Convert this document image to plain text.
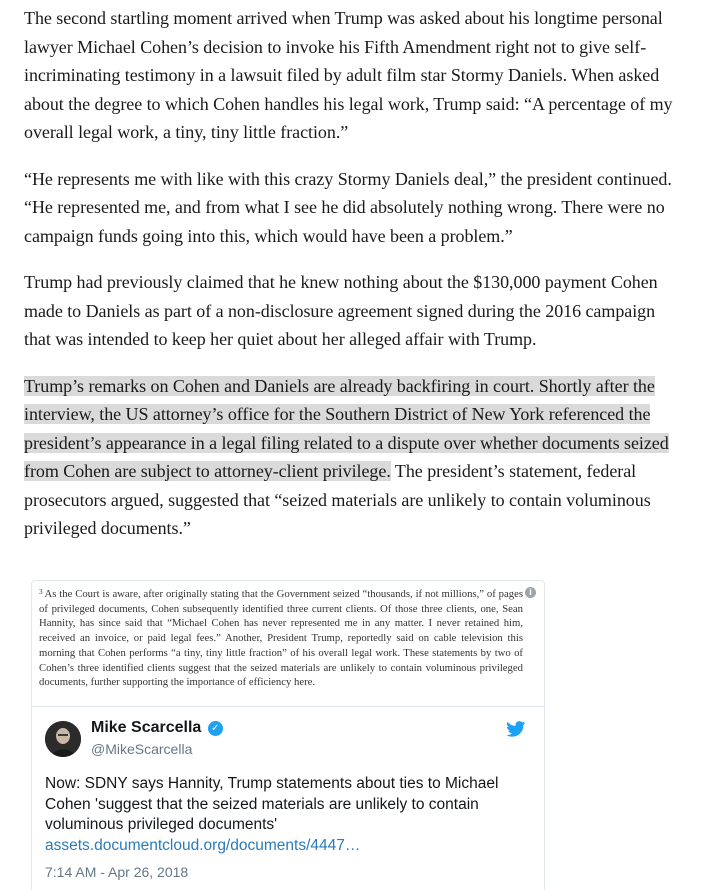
The second startling moment arrived when Trump was asked about his longtime personal lawyer Michael Cohen’s decision to invoke his Fifth Amendment right not to give self-incriminating testimony in a lawsuit filed by adult film star Stormy Daniels. When asked about the degree to which Cohen handles his legal work, Trump said: “A percentage of my overall legal work, a tiny, tiny little fraction.”

“He represents me with like with this crazy Stormy Daniels deal,” the president continued. “He represented me, and from what I see he did absolutely nothing wrong. There were no campaign funds going into this, which would have been a problem.”

Trump had previously claimed that he knew nothing about the $130,000 payment Cohen made to Daniels as part of a non-disclosure agreement signed during the 2016 campaign that was intended to keep her quiet about her alleged affair with Trump.

Trump’s remarks on Cohen and Daniels are already backfiring in court. Shortly after the interview, the US attorney’s office for the Southern District of New York referenced the president’s appearance in a legal filing related to a dispute over whether documents seized from Cohen are subject to attorney-client privilege. The president’s statement, federal prosecutors argued, suggested that “seized materials are unlikely to contain voluminous privileged documents.”

$^3$ As the Court is aware, after originally stating that the Government seized “thousands, if not millions,” of pages of privileged documents, Cohen subsequently identified three current clients. Of those three clients, one, Sean Hannity, has since said that “Michael Cohen has never represented me in any matter. I never retained him, received an invoice, or paid legal fees.” Another, President Trump, reportedly said on cable television this morning that Cohen performs “a tiny, tiny little fraction” of his overall legal work. These statements by two of Cohen’s three identified clients suggest that the seized materials are unlikely to contain voluminous privileged documents, further supporting the importance of efficiency here.
i
Mike Scarcella ✓
@MikeScarcella
Now: SDNY says Hannity, Trump statements about ties to Michael Cohen 'suggest that the seized materials are unlikely to contain voluminous privileged documents'
assets.documentcloud.org/documents/4447…
7:14 AM - Apr 26, 2018
